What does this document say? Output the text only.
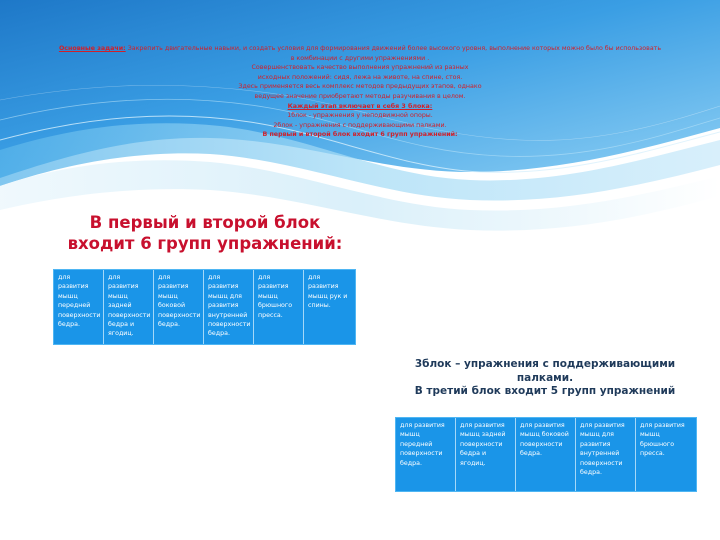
Основные задачи: Закрепить двигательные навыки, и создать условия для формирования движений более высокого уровня, выполнение которых можно было бы использовать
в комбинации с другими упражнениями .
Совершенствовать качество выполнения упражнений из разных
исходных положений: сидя, лежа на животе, на спине, стоя.
Здесь применяется весь комплекс методов предыдущих этапов, однако
ведущее значение приобретают методы разучивания в целом.
Каждый этап включает в себя 3 блока:
1блок - упражнения у неподвижной опоры.
2блок - упражнения с поддерживающими палками.
В первый и второй блок входит 6 групп упражнений:
В первый и второй блок
входит 6 групп упражнений:
для развития мышц передней поверхности бедра.
для развития мышц задней поверхности бедра и ягодиц.
для развития мышц боковой поверхности бедра.
для развития мышц для развития внутренней поверхности бедра.
для развития мышц брюшного пресса.
для развития мышц рук и спины.
3блок – упражнения с поддерживающими
палками.
В третий блок входит 5 групп упражнений
для развития мышц передней поверхности бедра.
для развития мышц задней поверхности бедра и ягодиц.
для развития мышц боковой поверхности бедра.
для развития мышц для развития внутренней поверхности бедра.
для развития мышц брюшного пресса.
